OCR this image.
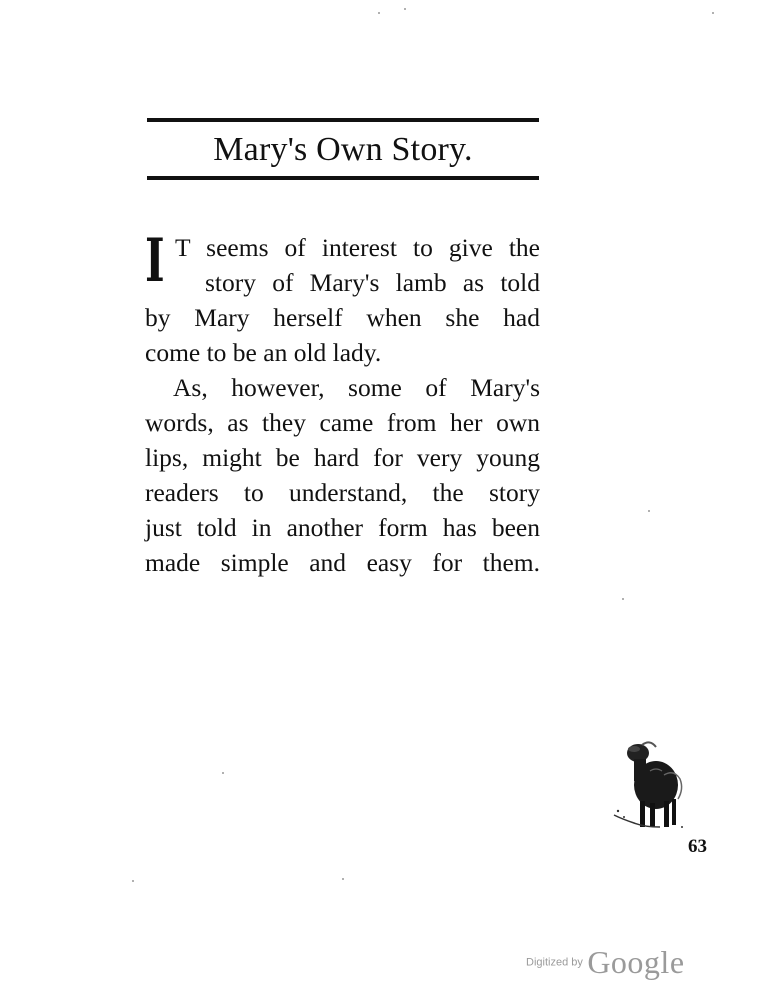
Mary's Own Story.
I T seems of interest to give the
story of Mary's lamb as told
by Mary herself when she had
come to be an old lady.
As, however, some of Mary's
words, as they came from her own
lips, might be hard for very young
readers to understand, the story
just told in another form has been
made simple and easy for them.
63
Digitized by Google
